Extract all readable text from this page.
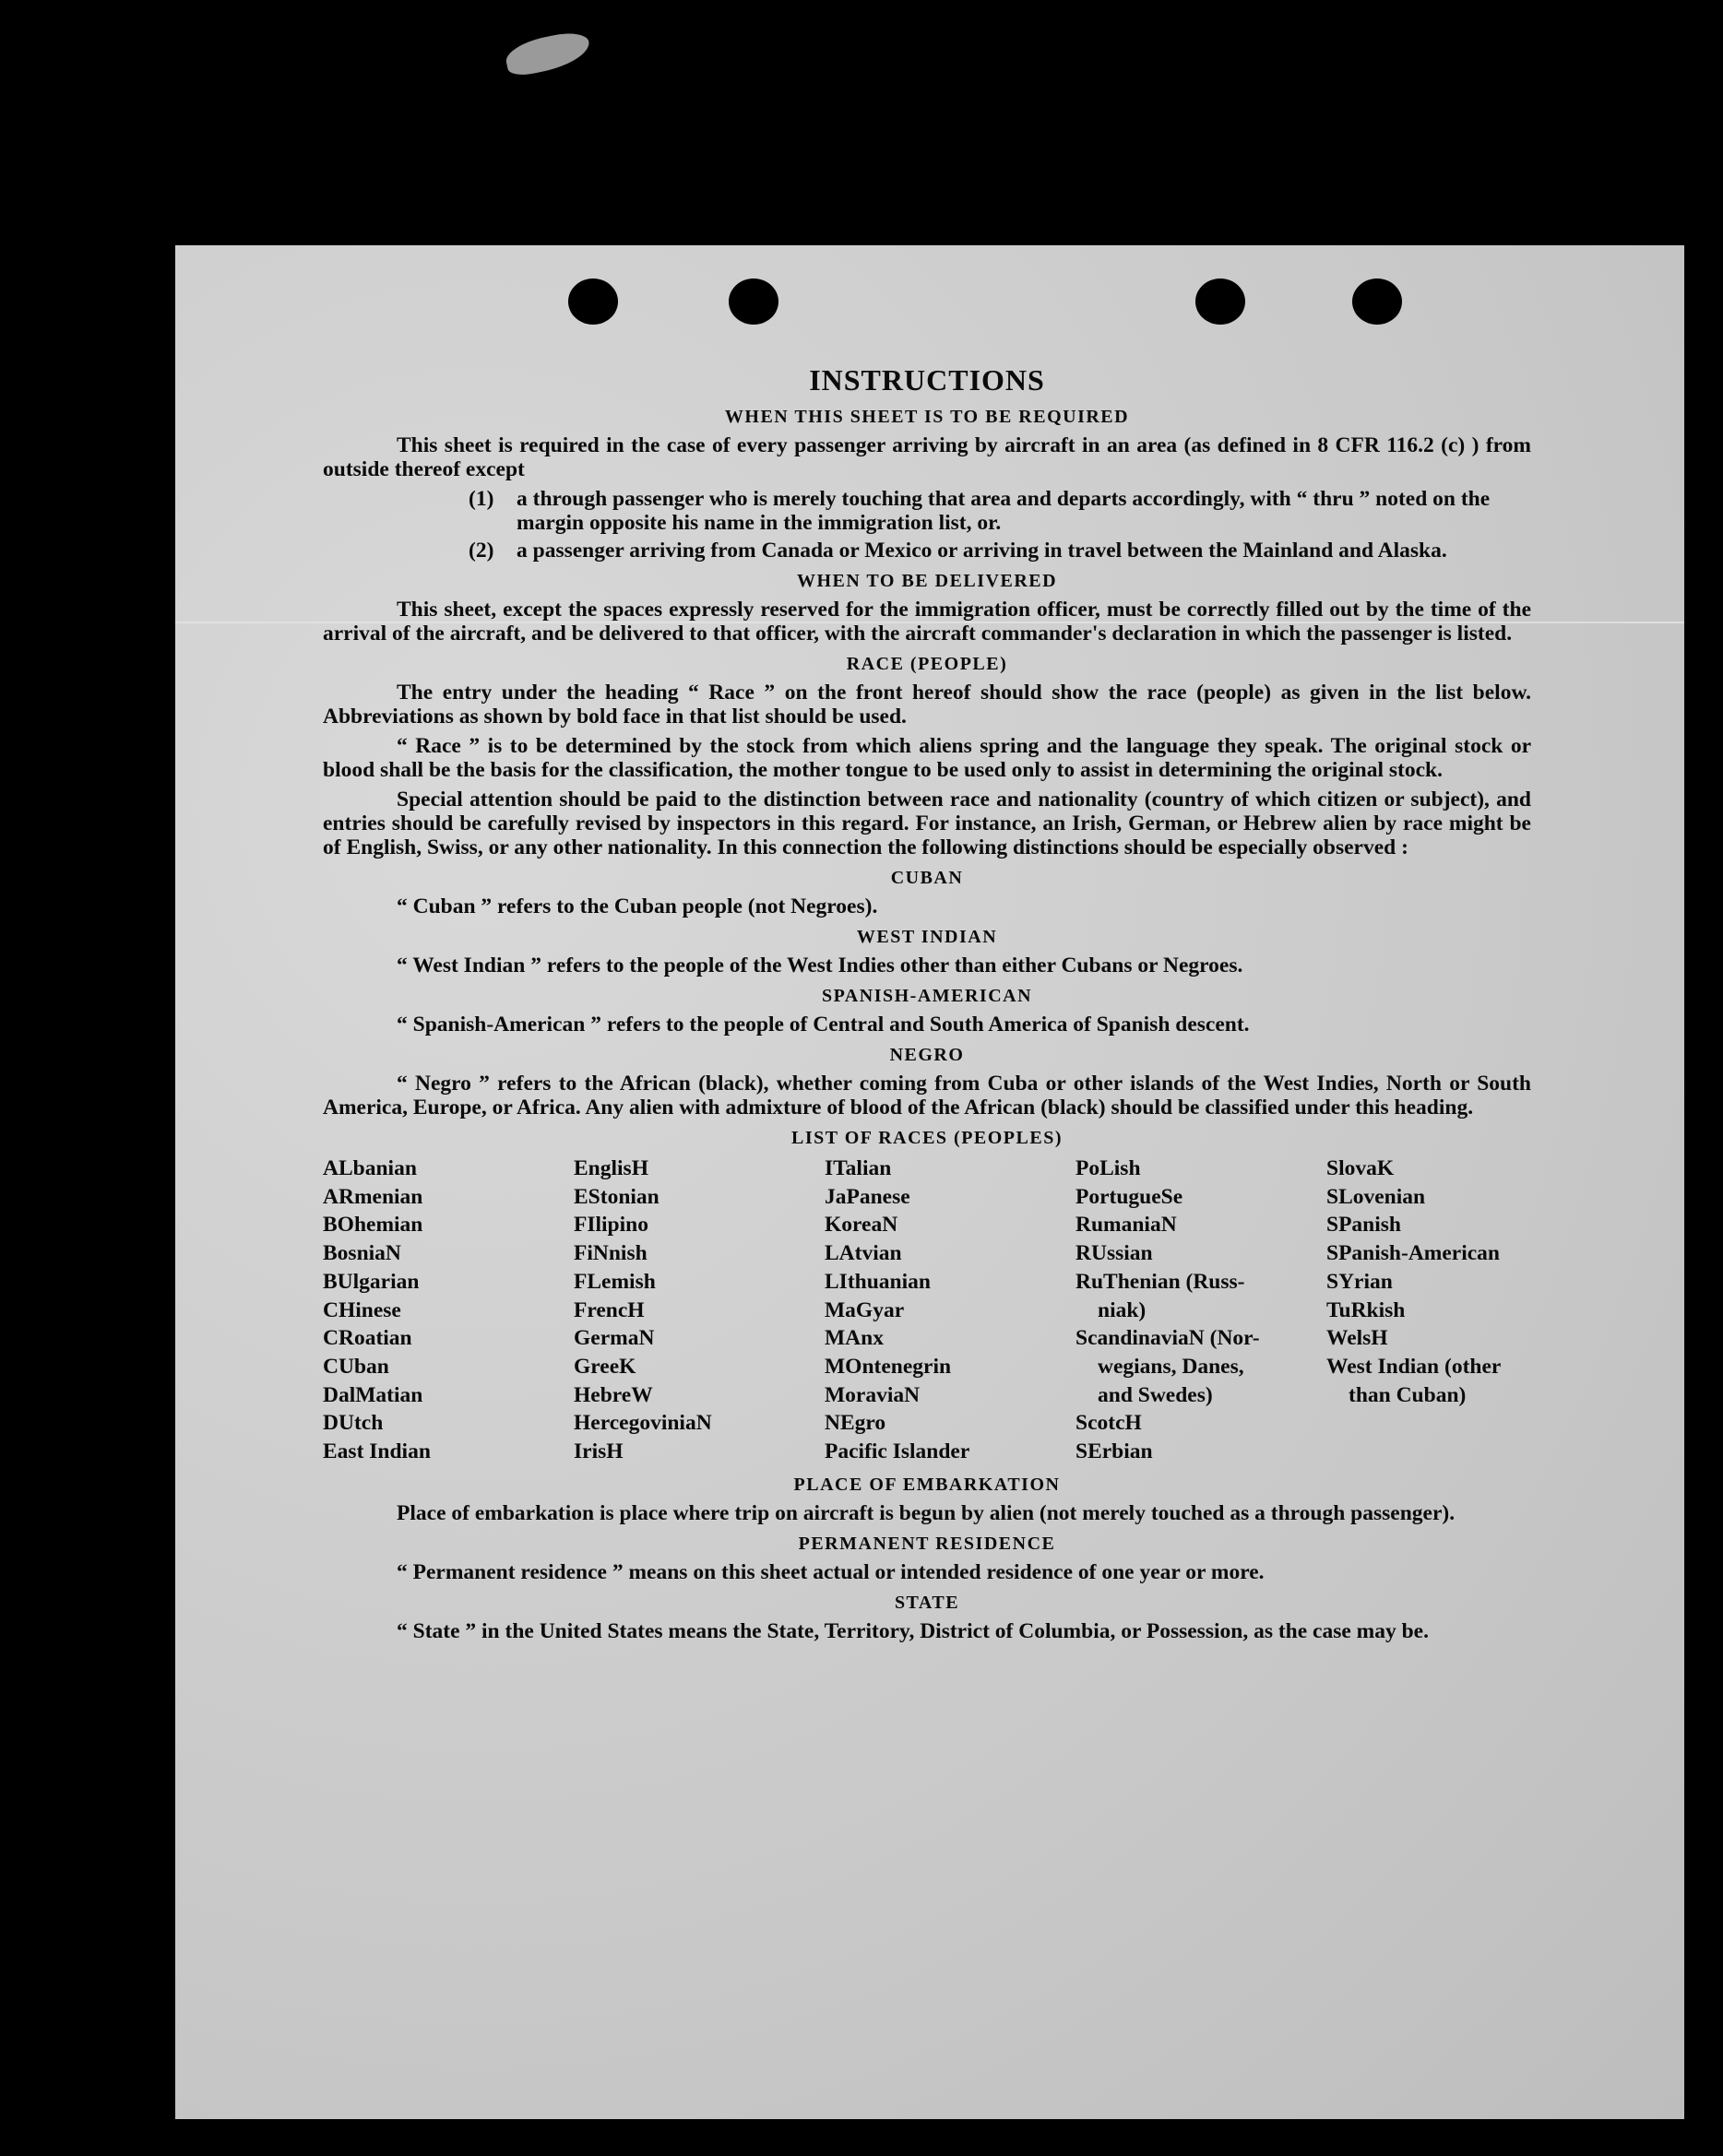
INSTRUCTIONS
WHEN THIS SHEET IS TO BE REQUIRED

This sheet is required in the case of every passenger arriving by aircraft in an area (as defined in 8 CFR 116.2 (c) ) from outside thereof except

(1)	a through passenger who is merely touching that area and departs accordingly, with “ thru ” noted on the margin opposite his name in the immigration list, or.
(2)	a passenger arriving from Canada or Mexico or arriving in travel between the Mainland and Alaska.
WHEN TO BE DELIVERED

This sheet, except the spaces expressly reserved for the immigration officer, must be correctly filled out by the time of the arrival of the aircraft, and be delivered to that officer, with the aircraft commander's declaration in which the passenger is listed.

RACE (PEOPLE)

The entry under the heading “ Race ” on the front hereof should show the race (people) as given in the list below. Abbreviations as shown by bold face in that list should be used.

“ Race ” is to be determined by the stock from which aliens spring and the language they speak. The original stock or blood shall be the basis for the classification, the mother tongue to be used only to assist in determining the original stock.

Special attention should be paid to the distinction between race and nationality (country of which citizen or subject), and entries should be carefully revised by inspectors in this regard. For instance, an Irish, German, or Hebrew alien by race might be of English, Swiss, or any other nationality. In this connection the following distinctions should be especially observed :

CUBAN

“ Cuban ” refers to the Cuban people (not Negroes).

WEST INDIAN

“ West Indian ” refers to the people of the West Indies other than either Cubans or Negroes.

SPANISH-AMERICAN

“ Spanish-American ” refers to the people of Central and South America of Spanish descent.

NEGRO

“ Negro ” refers to the African (black), whether coming from Cuba or other islands of the West Indies, North or South America, Europe, or Africa. Any alien with admixture of blood of the African (black) should be classified under this heading.

LIST OF RACES (PEOPLES)
ALbanian	EnglisH	ITalian	PoLish	SlovaK
ARmenian	EStonian	JaPanese	PortugueSe	SLovenian
BOhemian	FIlipino	KoreaN	RumaniaN	SPanish
BosniaN	FiNnish	LAtvian	RUssian	SPanish-American
BUlgarian	FLemish	LIthuanian	RuThenian (Russ-	SYrian
CHinese	FrencH	MaGyar	niak)	TuRkish
CRoatian	GermaN	MAnx	ScandinaviaN (Nor-	WelsH
CUban	GreeK	MOntenegrin	wegians, Danes,	West Indian (other
DalMatian	HebreW	MoraviaN	and Swedes)	than Cuban)
DUtch	HercegoviniaN	NEgro	ScotcH
East Indian	IrisH	Pacific Islander	SErbian
PLACE OF EMBARKATION

Place of embarkation is place where trip on aircraft is begun by alien (not merely touched as a through passenger).

PERMANENT RESIDENCE

“ Permanent residence ” means on this sheet actual or intended residence of one year or more.

STATE

“ State ” in the United States means the State, Territory, District of Columbia, or Possession, as the case may be.
